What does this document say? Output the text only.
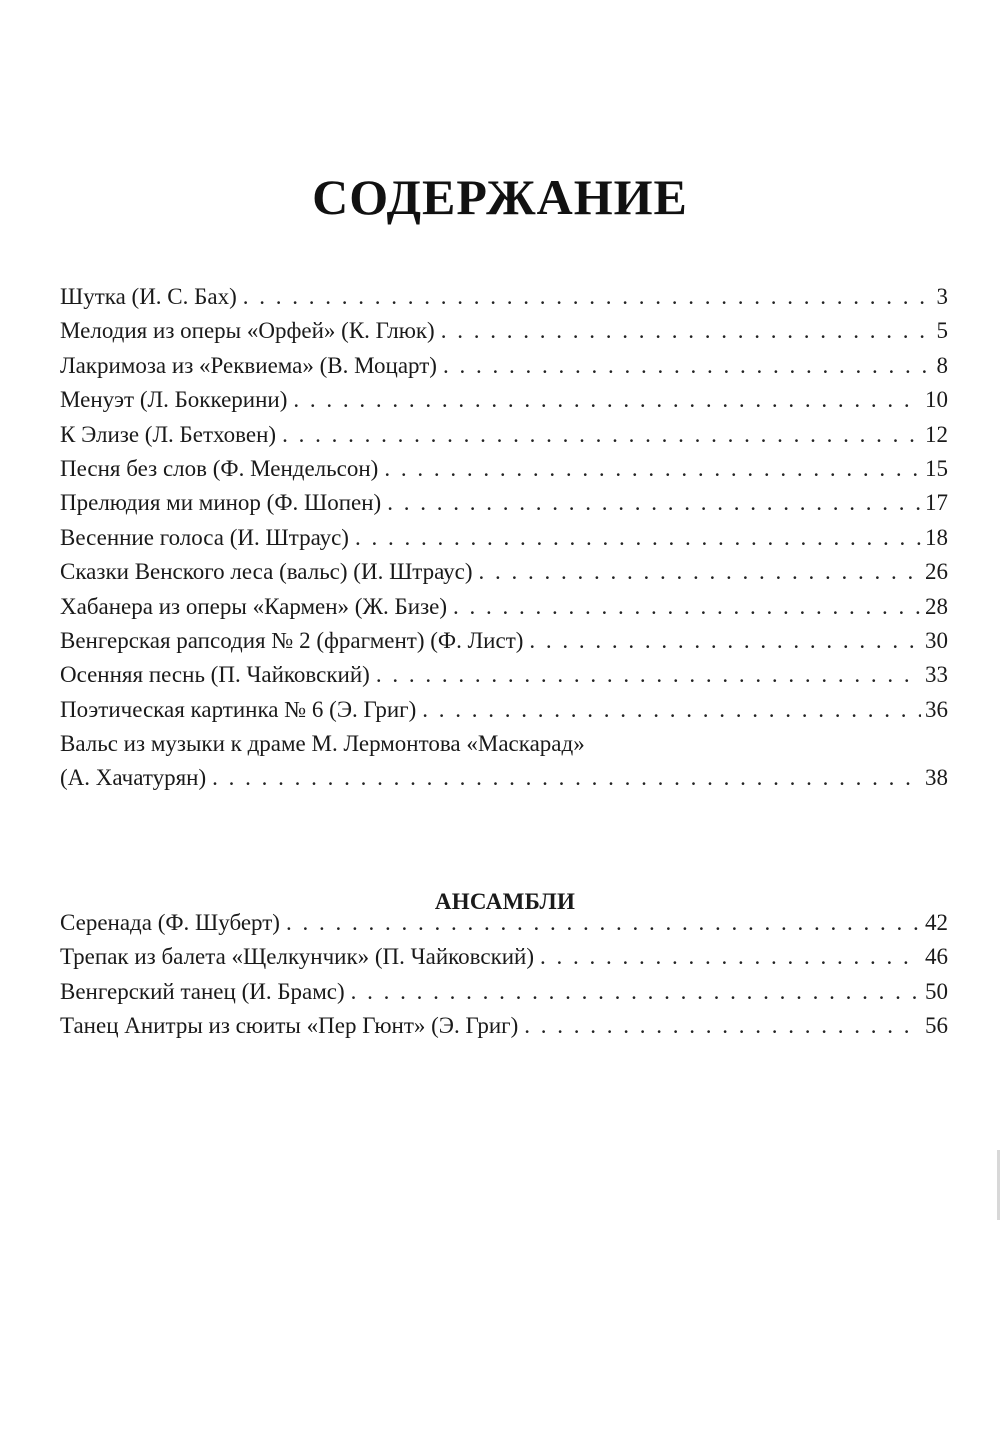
СОДЕРЖАНИЕ
Шутка (И. С. Бах) . . .	3
Мелодия из оперы «Орфей» (К. Глюк) . . .	5
Лакримоза из «Реквиема» (В. Моцарт) . . .	8
Менуэт (Л. Боккерини) . . .	10
К Элизе (Л. Бетховен) . . .	12
Песня без слов (Ф. Мендельсон) . . .	15
Прелюдия ми минор (Ф. Шопен) . . .	17
Весенние голоса (И. Штраус) . . .	18
Сказки Венского леса (вальс) (И. Штраус) . . .	26
Хабанера из оперы «Кармен» (Ж. Бизе) . . .	28
Венгерская рапсодия № 2 (фрагмент) (Ф. Лист) . . .	30
Осенняя песнь (П. Чайковский) . . .	33
Поэтическая картинка № 6 (Э. Григ) . . .	36
Вальс из музыки к драме М. Лермонтова «Маскарад»
(А. Хачатурян) . . .	38
АНСАМБЛИ
Серенада (Ф. Шуберт) . . .	42
Трепак из балета «Щелкунчик» (П. Чайковский) . . .	46
Венгерский танец (И. Брамс) . . .	50
Танец Анитры из сюиты «Пер Гюнт» (Э. Григ) . . .	56
